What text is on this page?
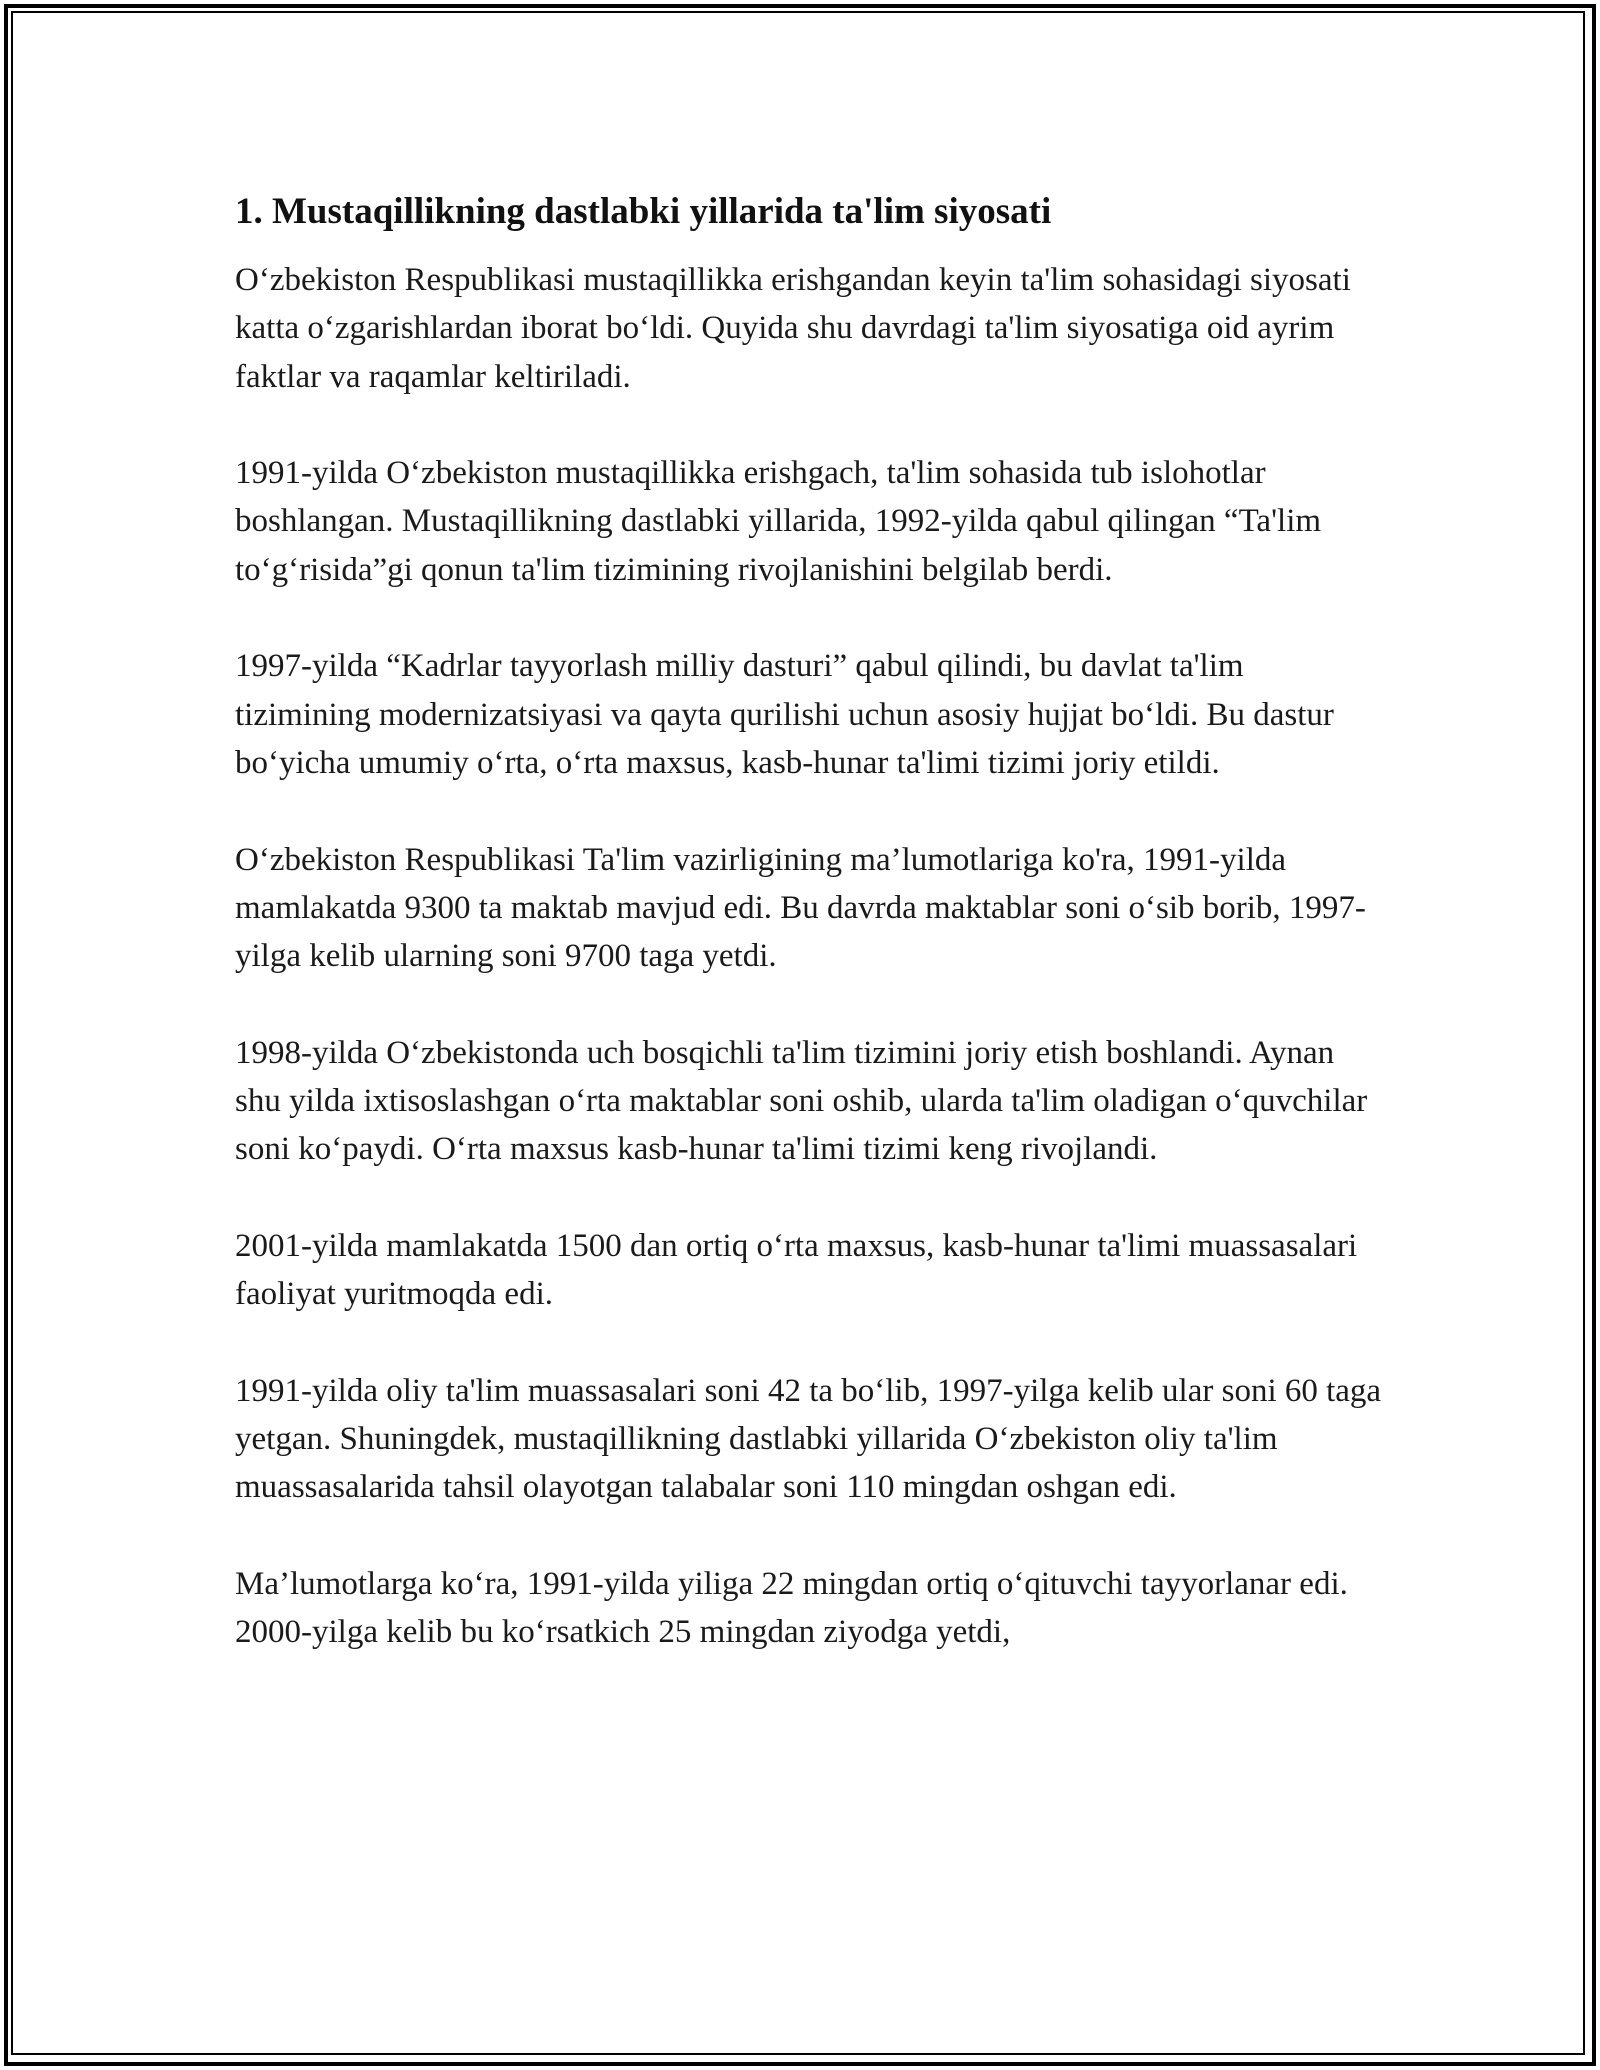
1. Mustaqillikning dastlabki yillarida ta'lim siyosati

O‘zbekiston Respublikasi mustaqillikka erishgandan keyin ta'lim sohasidagi siyosati katta o‘zgarishlardan iborat bo‘ldi. Quyida shu davrdagi ta'lim siyosatiga oid ayrim faktlar va raqamlar keltiriladi.

1991-yilda O‘zbekiston mustaqillikka erishgach, ta'lim sohasida tub islohotlar boshlangan. Mustaqillikning dastlabki yillarida, 1992-yilda qabul qilingan “Ta'lim to‘g‘risida”gi qonun ta'lim tizimining rivojlanishini belgilab berdi.

1997-yilda “Kadrlar tayyorlash milliy dasturi” qabul qilindi, bu davlat ta'lim tizimining modernizatsiyasi va qayta qurilishi uchun asosiy hujjat bo‘ldi. Bu dastur bo‘yicha umumiy o‘rta, o‘rta maxsus, kasb-hunar ta'limi tizimi joriy etildi.

O‘zbekiston Respublikasi Ta'lim vazirligining ma’lumotlariga ko'ra, 1991-yilda mamlakatda 9300 ta maktab mavjud edi. Bu davrda maktablar soni o‘sib borib, 1997-yilga kelib ularning soni 9700 taga yetdi.

1998-yilda O‘zbekistonda uch bosqichli ta'lim tizimini joriy etish boshlandi. Aynan shu yilda ixtisoslashgan o‘rta maktablar soni oshib, ularda ta'lim oladigan o‘quvchilar soni ko‘paydi. O‘rta maxsus kasb-hunar ta'limi tizimi keng rivojlandi.

2001-yilda mamlakatda 1500 dan ortiq o‘rta maxsus, kasb-hunar ta'limi muassasalari faoliyat yuritmoqda edi.

1991-yilda oliy ta'lim muassasalari soni 42 ta bo‘lib, 1997-yilga kelib ular soni 60 taga yetgan. Shuningdek, mustaqillikning dastlabki yillarida O‘zbekiston oliy ta'lim muassasalarida tahsil olayotgan talabalar soni 110 mingdan oshgan edi.

Ma’lumotlarga ko‘ra, 1991-yilda yiliga 22 mingdan ortiq o‘qituvchi tayyorlanar edi. 2000-yilga kelib bu ko‘rsatkich 25 mingdan ziyodga yetdi,
